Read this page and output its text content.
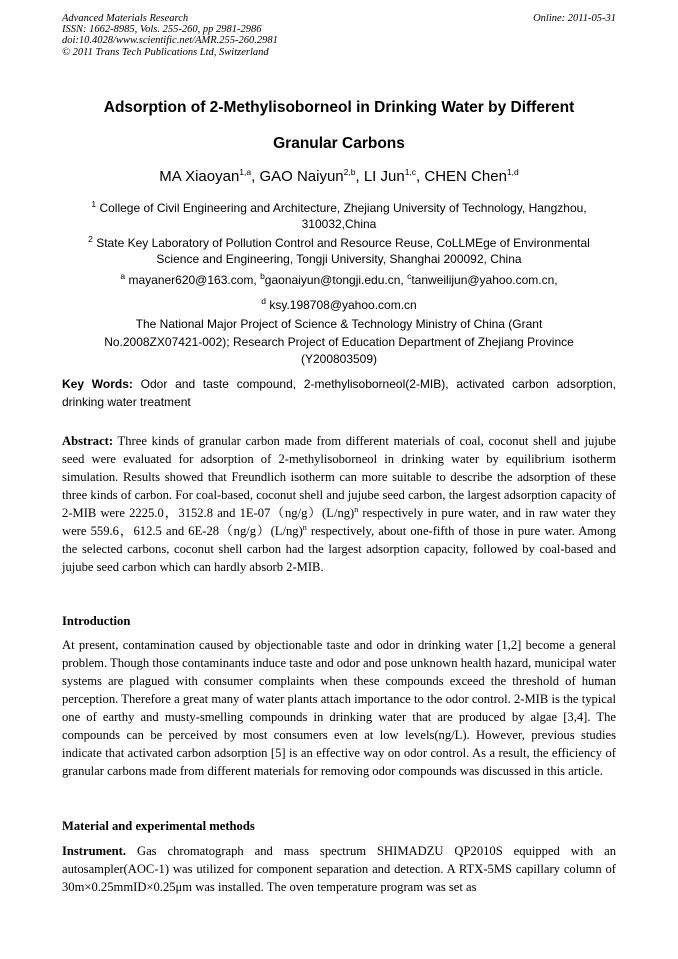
Advanced Materials Research
ISSN: 1662-8985, Vols. 255-260, pp 2981-2986
doi:10.4028/www.scientific.net/AMR.255-260.2981
© 2011 Trans Tech Publications Ltd, Switzerland
Online: 2011-05-31
Adsorption of 2-Methylisoborneol in Drinking Water by Different
Granular Carbons
MA Xiaoyan$^{1,a}$, GAO Naiyun$^{2,b}$, LI Jun$^{1,c}$, CHEN Chen$^{1,d}$
$^1$ College of Civil Engineering and Architecture, Zhejiang University of Technology, Hangzhou, 310032,China
$^2$ State Key Laboratory of Pollution Control and Resource Reuse, CoLLMEge of Environmental Science and Engineering, Tongji University, Shanghai 200092, China
$^a$ mayaner620@163.com, $^b$gaonaiyun@tongji.edu.cn, $^c$tanweilijun@yahoo.com.cn,
$^d$ ksy.198708@yahoo.com.cn
The National Major Project of Science & Technology Ministry of China (Grant
No.2008ZX07421-002); Research Project of Education Department of Zhejiang Province
(Y200803509)
Key Words: Odor and taste compound, 2-methylisoborneol(2-MIB), activated carbon adsorption, drinking water treatment
Abstract: Three kinds of granular carbon made from different materials of coal, coconut shell and jujube seed were evaluated for adsorption of 2-methylisoborneol in drinking water by equilibrium isotherm simulation. Results showed that Freundlich isotherm can more suitable to describe the adsorption of these three kinds of carbon. For coal-based, coconut shell and jujube seed carbon, the largest adsorption capacity of 2-MIB were 2225.0，3152.8 and $1E-07(ng/g)(L/ng)^n$ respectively in pure water, and in raw water they were 559.6，612.5 and $6E-28(ng/g)(L/ng)^n$ respectively, about one-fifth of those in pure water. Among the selected carbons, coconut shell carbon had the largest adsorption capacity, followed by coal-based and jujube seed carbon which can hardly absorb 2-MIB.
Introduction
At present, contamination caused by objectionable taste and odor in drinking water [1,2] become a general problem. Though those contaminants induce taste and odor and pose unknown health hazard, municipal water systems are plagued with consumer complaints when these compounds exceed the threshold of human perception. Therefore a great many of water plants attach importance to the odor control. 2-MIB is the typical one of earthy and musty-smelling compounds in drinking water that are produced by algae [3,4]. The compounds can be perceived by most consumers even at low levels(ng/L). However, previous studies indicate that activated carbon adsorption [5] is an effective way on odor control. As a result, the efficiency of granular carbons made from different materials for removing odor compounds was discussed in this article.
Material and experimental methods
Instrument. Gas chromatograph and mass spectrum SHIMADZU QP2010S equipped with an autosampler(AOC-1) was utilized for component separation and detection. A RTX-5MS capillary column of 30m×0.25mmID×0.25μm was installed. The oven temperature program was set as
